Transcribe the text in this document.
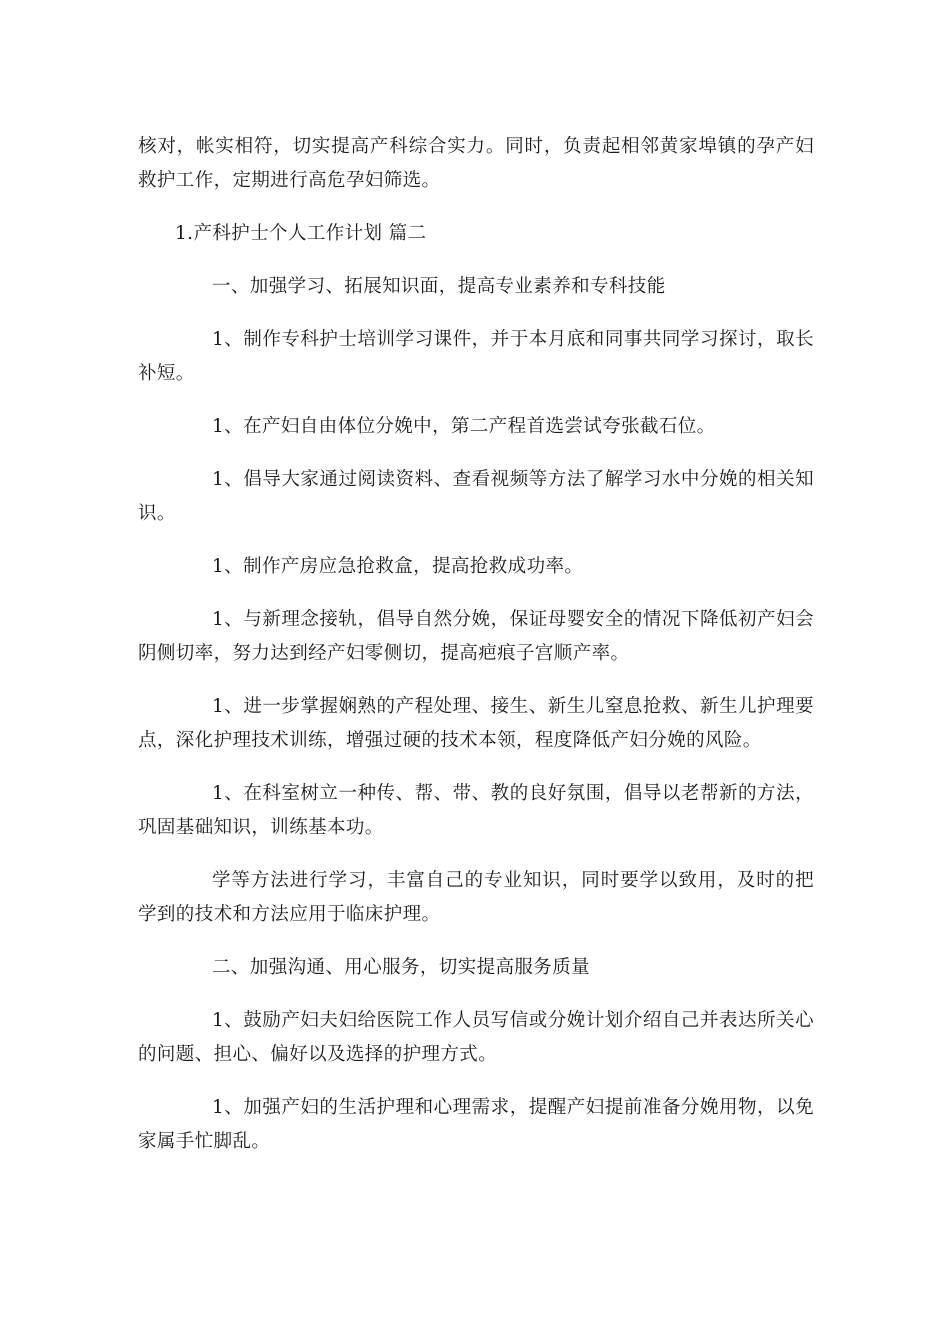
核对，帐实相符，切实提高产科综合实力。同时，负责起相邻黄家埠镇的孕产妇救护工作，定期进行高危孕妇筛选。

1.产科护士个人工作计划 篇二

一、加强学习、拓展知识面，提高专业素养和专科技能

1、制作专科护士培训学习课件，并于本月底和同事共同学习探讨，取长补短。

1、在产妇自由体位分娩中，第二产程首选尝试夸张截石位。

1、倡导大家通过阅读资料、查看视频等方法了解学习水中分娩的相关知识。

1、制作产房应急抢救盒，提高抢救成功率。

1、与新理念接轨，倡导自然分娩，保证母婴安全的情况下降低初产妇会阴侧切率，努力达到经产妇零侧切，提高疤痕子宫顺产率。

1、进一步掌握娴熟的产程处理、接生、新生儿窒息抢救、新生儿护理要点，深化护理技术训练，增强过硬的技术本领，程度降低产妇分娩的风险。

1、在科室树立一种传、帮、带、教的良好氛围，倡导以老帮新的方法，巩固基础知识，训练基本功。

学等方法进行学习，丰富自己的专业知识，同时要学以致用，及时的把学到的技术和方法应用于临床护理。

二、加强沟通、用心服务，切实提高服务质量

1、鼓励产妇夫妇给医院工作人员写信或分娩计划介绍自己并表达所关心的问题、担心、偏好以及选择的护理方式。

1、加强产妇的生活护理和心理需求，提醒产妇提前准备分娩用物，以免家属手忙脚乱。
